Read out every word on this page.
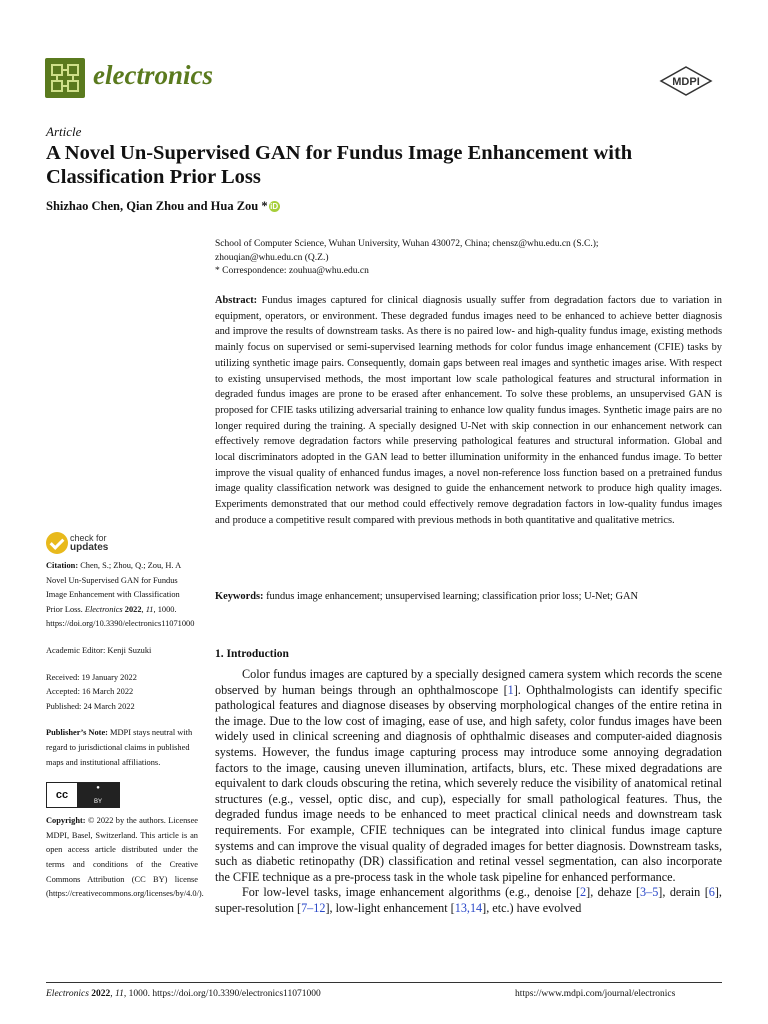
electronics	MDPI
Article
A Novel Un-Supervised GAN for Fundus Image Enhancement with Classification Prior Loss
Shizhao Chen, Qian Zhou and Hua Zou * iD
School of Computer Science, Wuhan University, Wuhan 430072, China; chensz@whu.edu.cn (S.C.);
zhouqian@whu.edu.cn (Q.Z.)
* Correspondence: zouhua@whu.edu.cn
Abstract: Fundus images captured for clinical diagnosis usually suffer from degradation factors due to variation in equipment, operators, or environment. These degraded fundus images need to be enhanced to achieve better diagnosis and improve the results of downstream tasks. As there is no paired low- and high-quality fundus image, existing methods mainly focus on supervised or semi-supervised learning methods for color fundus image enhancement (CFIE) tasks by utilizing synthetic image pairs. Consequently, domain gaps between real images and synthetic images arise. With respect to existing unsupervised methods, the most important low scale pathological features and structural information in degraded fundus images are prone to be erased after enhancement. To solve these problems, an unsupervised GAN is proposed for CFIE tasks utilizing adversarial training to enhance low quality fundus images. Synthetic image pairs are no longer required during the training. A specially designed U-Net with skip connection in our enhancement network can effectively remove degradation factors while preserving pathological features and structural information. Global and local discriminators adopted in the GAN lead to better illumination uniformity in the enhanced fundus image. To better improve the visual quality of enhanced fundus images, a novel non-reference loss function based on a pretrained fundus image quality classification network was designed to guide the enhancement network to produce high quality images. Experiments demonstrated that our method could effectively remove degradation factors in low-quality fundus images and produce a competitive result compared with previous methods in both quantitative and qualitative metrics.
Keywords: fundus image enhancement; unsupervised learning; classification prior loss; U-Net; GAN
check for
updates

Citation: Chen, S.; Zhou, Q.; Zou, H. A Novel Un-Supervised GAN for Fundus Image Enhancement with Classification Prior Loss. Electronics 2022, 11, 1000. https://doi.org/10.3390/electronics11071000

Academic Editor: Kenji Suzuki

Received: 19 January 2022

Accepted: 16 March 2022

Published: 24 March 2022

Publisher’s Note: MDPI stays neutral with regard to jurisdictional claims in published maps and institutional affiliations.

cc
●
BY

Copyright: © 2022 by the authors. Licensee MDPI, Basel, Switzerland. This article is an open access article distributed under the terms and conditions of the Creative Commons Attribution (CC BY) license (https://creativecommons.org/licenses/by/4.0/).

1. Introduction

Color fundus images are captured by a specially designed camera system which records the scene observed by human beings through an ophthalmoscope [1]. Ophthalmologists can identify specific pathological features and diagnose diseases by observing morphological changes of the entire retina in the image. Due to the low cost of imaging, ease of use, and high safety, color fundus images have been widely used in clinical screening and diagnosis of ophthalmic diseases and computer-aided diagnosis systems. However, the fundus image capturing process may introduce some annoying degradation factors to the image, causing uneven illumination, artifacts, blurs, etc. These mixed degradations are equivalent to dark clouds obscuring the retina, which severely reduce the visibility of anatomical retinal structures (e.g., vessel, optic disc, and cup), especially for small pathological features. Thus, the degraded fundus image needs to be enhanced to meet practical clinical needs and downstream task requirements. For example, CFIE techniques can be integrated into clinical fundus image capture systems and can improve the visual quality of degraded images for better diagnosis. Downstream tasks, such as diabetic retinopathy (DR) classification and retinal vessel segmentation, can also incorporate the CFIE technique as a pre-process task in the whole task pipeline for enhanced performance.

For low-level tasks, image enhancement algorithms (e.g., denoise [2], dehaze [3–5], derain [6], super-resolution [7–12], low-light enhancement [13,14], etc.) have evolved

Electronics 2022, 11, 1000. https://doi.org/10.3390/electronics11071000	https://www.mdpi.com/journal/electronics
